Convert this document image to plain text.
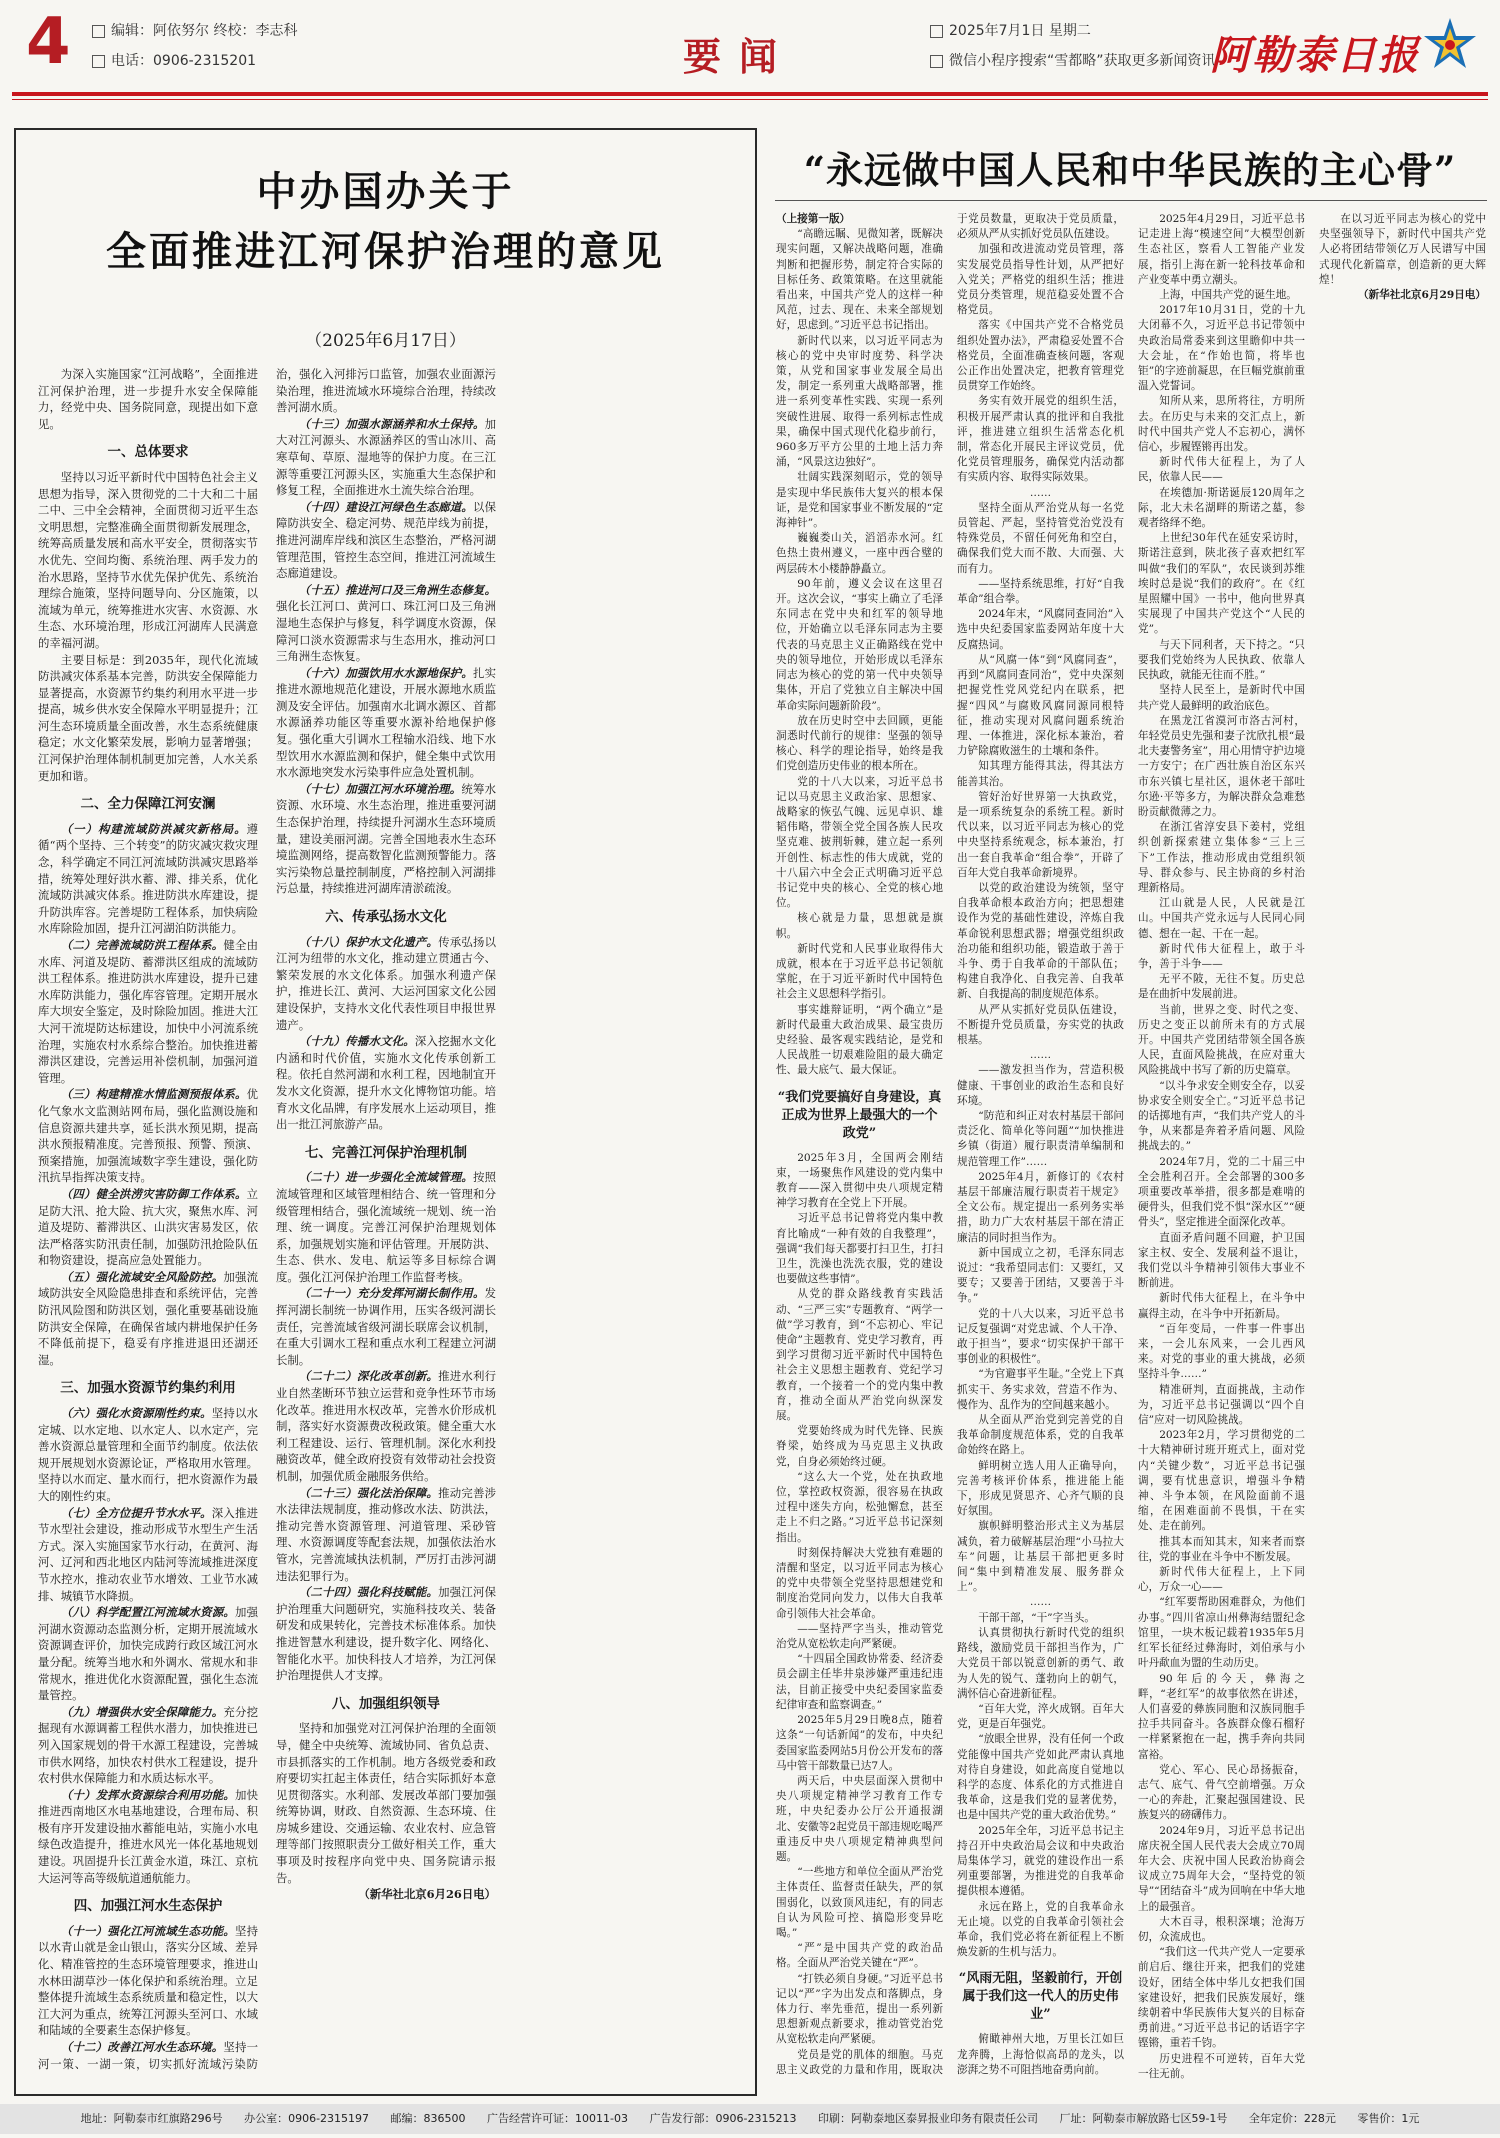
4	编辑：阿依努尔 终校：李志科
电话：0906-2315201	要闻
2025年7月1日 星期二
微信小程序搜索“雪都略”获取更多新闻资讯
阿勒泰日报
中办国办关于
全面推进江河保护治理的意见
（2025年6月17日）

为深入实施国家“江河战略”，全面推进江河保护治理，进一步提升水安全保障能力，经党中央、国务院同意，现提出如下意见。

一、总体要求

坚持以习近平新时代中国特色社会主义思想为指导，深入贯彻党的二十大和二十届二中、三中全会精神，全面贯彻习近平生态文明思想，完整准确全面贯彻新发展理念，统筹高质量发展和高水平安全，贯彻落实节水优先、空间均衡、系统治理、两手发力的治水思路，坚持节水优先保护优先、系统治理综合施策，坚持问题导向、分区施策，以流域为单元，统筹推进水灾害、水资源、水生态、水环境治理，形成江河湖库人民满意的幸福河湖。

主要目标是：到2035年，现代化流域防洪减灾体系基本完善，防洪安全保障能力显著提高，水资源节约集约利用水平进一步提高，城乡供水安全保障水平明显提升；江河生态环境质量全面改善，水生态系统健康稳定；水文化繁荣发展，影响力显著增强；江河保护治理体制机制更加完善，人水关系更加和谐。

二、全力保障江河安澜

（一）构建流域防洪减灾新格局。遵循“两个坚持、三个转变”的防灾减灾救灾理念，科学确定不同江河流域防洪减灾思路举措，统筹处理好洪水蓄、滞、排关系，优化流域防洪减灾体系。推进防洪水库建设，提升防洪库容。完善堤防工程体系，加快病险水库除险加固，提升江河湖泊防洪能力。

（二）完善流域防洪工程体系。健全由水库、河道及堤防、蓄滞洪区组成的流域防洪工程体系。推进防洪水库建设，提升已建水库防洪能力，强化库容管理。定期开展水库大坝安全鉴定，及时除险加固。推进大江大河干流堤防达标建设，加快中小河流系统治理，实施农村水系综合整治。加快推进蓄滞洪区建设，完善运用补偿机制，加强河道管理。

（三）构建精准水情监测预报体系。优化气象水文监测站网布局，强化监测设施和信息资源共建共享，延长洪水预见期，提高洪水预报精准度。完善预报、预警、预演、预案措施，加强流域数字孪生建设，强化防汛抗旱指挥决策支持。

（四）健全洪涝灾害防御工作体系。立足防大汛、抢大险、抗大灾，聚焦水库、河道及堤防、蓄滞洪区、山洪灾害易发区，依法严格落实防汛责任制，加强防汛抢险队伍和物资建设，提高应急处置能力。

（五）强化流域安全风险防控。加强流域防洪安全风险隐患排查和系统评估，完善防汛风险图和防洪区划，强化重要基础设施防洪安全保障，在确保省域内耕地保护任务不降低前提下，稳妥有序推进退田还湖还湿。

三、加强水资源节约集约利用

（六）强化水资源刚性约束。坚持以水定城、以水定地、以水定人、以水定产，完善水资源总量管理和全面节约制度。依法依规开展规划水资源论证，严格取用水管理。坚持以水而定、量水而行，把水资源作为最大的刚性约束。

（七）全方位提升节水水平。深入推进节水型社会建设，推动形成节水型生产生活方式。深入实施国家节水行动，在黄河、海河、辽河和西北地区内陆河等流域推进深度节水控水，推动农业节水增效、工业节水减排、城镇节水降损。

（八）科学配置江河流域水资源。加强河湖水资源动态监测分析，定期开展流域水资源调查评价，加快完成跨行政区域江河水量分配。统筹当地水和外调水、常规水和非常规水，推进优化水资源配置，强化生态流量管控。

（九）增强供水安全保障能力。充分挖掘现有水源调蓄工程供水潜力，加快推进已列入国家规划的骨干水源工程建设，完善城市供水网络，加快农村供水工程建设，提升农村供水保障能力和水质达标水平。

（十）发挥水资源综合利用功能。加快推进西南地区水电基地建设，合理布局、积极有序开发建设抽水蓄能电站，实施小水电绿色改造提升，推进水风光一体化基地规划建设。巩固提升长江黄金水道，珠江、京杭大运河等高等级航道通航能力。

四、加强江河水生态保护

（十一）强化江河流域生态功能。坚持以水青山就是金山银山，落实分区域、差异化、精准管控的生态环境管理要求，推进山水林田湖草沙一体化保护和系统治理。立足整体提升流域生态系统质量和稳定性，以大江大河为重点，统筹江河源头至河口、水域和陆域的全要素生态保护修复。

（十二）改善江河水生态环境。坚持一河一策、一湖一策，切实抓好流域污染防治，强化入河排污口监管，加强农业面源污染治理，推进流域水环境综合治理，持续改善河湖水质。

（十三）加强水源涵养和水土保持。加大对江河源头、水源涵养区的雪山冰川、高寒草甸、草原、湿地等的保护力度。在三江源等重要江河源头区，实施重大生态保护和修复工程，全面推进水土流失综合治理。

（十四）建设江河绿色生态廊道。以保障防洪安全、稳定河势、规范岸线为前提，推进河湖库岸线和滨区生态整治，严格河湖管理范围，管控生态空间，推进江河流域生态廊道建设。

（十五）推进河口及三角洲生态修复。强化长江河口、黄河口、珠江河口及三角洲湿地生态保护与修复，科学调度水资源，保障河口淡水资源需求与生态用水，推动河口三角洲生态恢复。

（十六）加强饮用水水源地保护。扎实推进水源地规范化建设，开展水源地水质监测及安全评估。加强南水北调水源区、首都水源涵养功能区等重要水源补给地保护修复。强化重大引调水工程输水沿线、地下水型饮用水水源监测和保护，健全集中式饮用水水源地突发水污染事件应急处置机制。

（十七）加强江河水环境治理。统筹水资源、水环境、水生态治理，推进重要河湖生态保护治理，持续提升河湖水生态环境质量，建设美丽河湖。完善全国地表水生态环境监测网络，提高数智化监测预警能力。落实污染物总量控制制度，严格控制入河湖排污总量，持续推进河湖库清淤疏浚。

六、传承弘扬水文化

（十八）保护水文化遗产。传承弘扬以江河为纽带的水文化，推动建立贯通古今、繁荣发展的水文化体系。加强水利遗产保护，推进长江、黄河、大运河国家文化公园建设保护，支持水文化代表性项目申报世界遗产。

（十九）传播水文化。深入挖掘水文化内涵和时代价值，实施水文化传承创新工程。依托自然河湖和水利工程，因地制宜开发水文化资源，提升水文化博物馆功能。培育水文化品牌，有序发展水上运动项目，推出一批江河旅游产品。

七、完善江河保护治理机制

（二十）进一步强化全流域管理。按照流域管理和区域管理相结合、统一管理和分级管理相结合，强化流域统一规划、统一治理、统一调度。完善江河保护治理规划体系，加强规划实施和评估管理。开展防洪、生态、供水、发电、航运等多目标综合调度。强化江河保护治理工作监督考核。

（二十一）充分发挥河湖长制作用。发挥河湖长制统一协调作用，压实各级河湖长责任，完善流域省级河湖长联席会议机制，在重大引调水工程和重点水利工程建立河湖长制。

（二十二）深化改革创新。推进水利行业自然垄断环节独立运营和竞争性环节市场化改革。推进用水权改革，完善水价形成机制，落实好水资源费改税政策。健全重大水利工程建设、运行、管理机制。深化水利投融资改革，健全政府投资有效带动社会投资机制，加强优质金融服务供给。

（二十三）强化法治保障。推动完善涉水法律法规制度，推动修改水法、防洪法，推动完善水资源管理、河道管理、采砂管理、水资源调度等配套法规，加强依法治水管水，完善流域执法机制，严厉打击涉河湖违法犯罪行为。

（二十四）强化科技赋能。加强江河保护治理重大问题研究，实施科技攻关、装备研发和成果转化，完善技术标准体系。加快推进智慧水利建设，提升数字化、网络化、智能化水平。加快科技人才培养，为江河保护治理提供人才支撑。

八、加强组织领导

坚持和加强党对江河保护治理的全面领导，健全中央统筹、流域协同、省负总责、市县抓落实的工作机制。地方各级党委和政府要切实扛起主体责任，结合实际抓好本意见贯彻落实。水利部、发展改革部门要加强统筹协调，财政、自然资源、生态环境、住房城乡建设、交通运输、农业农村、应急管理等部门按照职责分工做好相关工作，重大事项及时按程序向党中央、国务院请示报告。

（新华社北京6月26日电）

“永远做中国人民和中华民族的主心骨”

（上接第一版）

“高瞻远瞩、见微知著，既解决现实问题，又解决战略问题，准确判断和把握形势，制定符合实际的目标任务、政策策略。在这里就能看出来，中国共产党人的这样一种风范，过去、现在、未来全部规划好，思虑到。”习近平总书记指出。

新时代以来，以习近平同志为核心的党中央审时度势、科学决策，从党和国家事业发展全局出发，制定一系列重大战略部署，推进一系列变革性实践、实现一系列突破性进展、取得一系列标志性成果，确保中国式现代化稳步前行，960多万平方公里的土地上活力奔涌，“风景这边独好”。

壮阔实践深刻昭示，党的领导是实现中华民族伟大复兴的根本保证，是党和国家事业不断发展的“定海神针”。

巍巍娄山关，滔滔赤水河。红色热土贵州遵义，一座中西合璧的两层砖木小楼静静矗立。

90年前，遵义会议在这里召开。这次会议，“事实上确立了毛泽东同志在党中央和红军的领导地位，开始确立以毛泽东同志为主要代表的马克思主义正确路线在党中央的领导地位，开始形成以毛泽东同志为核心的党的第一代中央领导集体，开启了党独立自主解决中国革命实际问题新阶段”。

放在历史时空中去回顾，更能洞悉时代前行的规律：坚强的领导核心、科学的理论指导，始终是我们党创造历史伟业的根本所在。

党的十八大以来，习近平总书记以马克思主义政治家、思想家、战略家的恢弘气魄、远见卓识、雄韬伟略，带领全党全国各族人民攻坚克难、披荆斩棘，建立起一系列开创性、标志性的伟大成就，党的十八届六中全会正式明确习近平总书记党中央的核心、全党的核心地位。

核心就是力量，思想就是旗帜。

新时代党和人民事业取得伟大成就，根本在于习近平总书记领航掌舵，在于习近平新时代中国特色社会主义思想科学指引。

事实雄辩证明，“两个确立”是新时代最重大政治成果、最宝贵历史经验、最客观实践结论，是党和人民战胜一切艰难险阻的最大确定性、最大底气、最大保证。

“我们党要搞好自身建设，真正成为世界上最强大的一个政党”

2025年3月，全国两会刚结束，一场聚焦作风建设的党内集中教育——深入贯彻中央八项规定精神学习教育在全党上下开展。

习近平总书记曾将党内集中教育比喻成“一种有效的自我整理”，强调“我们每天都要打扫卫生，打扫卫生，洗澡也洗洗衣服，党的建设也要做这些事情”。

从党的群众路线教育实践活动、“三严三实”专题教育、“两学一做”学习教育，到“不忘初心、牢记使命”主题教育、党史学习教育，再到学习贯彻习近平新时代中国特色社会主义思想主题教育、党纪学习教育，一个接着一个的党内集中教育，推动全面从严治党向纵深发展。

党要始终成为时代先锋、民族脊梁，始终成为马克思主义执政党，自身必须始终过硬。

“这么大一个党，处在执政地位，掌控政权资源，很容易在执政过程中迷失方向，松弛懈怠，甚至走上不归之路。”习近平总书记深刻指出。

时刻保持解决大党独有难题的清醒和坚定，以习近平同志为核心的党中央带领全党坚持思想建党和制度治党同向发力，以伟大自我革命引领伟大社会革命。

——坚持严字当头，推动管党治党从宽松软走向严紧硬。

“十四届全国政协常委、经济委员会副主任毕井泉涉嫌严重违纪违法，目前正接受中央纪委国家监委纪律审查和监察调查。”

2025年5月29日晚8点，随着这条“一句话新闻”的发布，中央纪委国家监委网站5月份公开发布的落马中管干部数量已达7人。

两天后，中央层面深入贯彻中央八项规定精神学习教育工作专班，中央纪委办公厅公开通报湖北、安徽等2起党员干部违规吃喝严重违反中央八项规定精神典型问题。

“一些地方和单位全面从严治党主体责任、监督责任缺失，严的氛围弱化，以致顶风违纪，有的同志自认为风险可控、搞隐形变异吃喝。”

“严”是中国共产党的政治品格。全面从严治党关键在“严”。

“打铁必须自身硬。”习近平总书记以“严”字为出发点和落脚点，身体力行、率先垂范，提出一系列新思想新观点新要求，推动管党治党从宽松软走向严紧硬。

党员是党的肌体的细胞。马克思主义政党的力量和作用，既取决于党员数量，更取决于党员质量，必须从严从实抓好党员队伍建设。

加强和改进流动党员管理，落实发展党员指导性计划，从严把好入党关；严格党的组织生活；推进党员分类管理，规范稳妥处置不合格党员。

落实《中国共产党不合格党员组织处置办法》，严肃稳妥处置不合格党员，全面准确查核问题，客观公正作出处置决定，把教育管理党员贯穿工作始终。

务实有效开展党的组织生活，积极开展严肃认真的批评和自我批评，推进建立组织生活常态化机制，常态化开展民主评议党员，优化党员管理服务，确保党内活动都有实质内容、取得实际效果。

……

坚持全面从严治党从每一名党员管起、严起，坚持管党治党没有特殊党员，不留任何死角和空白，确保我们党大而不散、大而强、大而有力。

——坚持系统思维，打好“自我革命”组合拳。

2024年末，“风腐同查同治”入选中央纪委国家监委网站年度十大反腐热词。

从“风腐一体”到“风腐同查”，再到“风腐同查同治”，党中央深刻把握党性党风党纪内在联系，把握“四风”与腐败风腐同源同根特征，推动实现对风腐问题系统治理、一体推进，深化标本兼治，着力铲除腐败滋生的土壤和条件。

知其理方能得其法，得其法方能善其治。

管好治好世界第一大执政党，是一项系统复杂的系统工程。新时代以来，以习近平同志为核心的党中央坚持系统观念，标本兼治，打出一套自我革命“组合拳”，开辟了百年大党自我革命新境界。

以党的政治建设为统领，坚守自我革命根本政治方向；把思想建设作为党的基础性建设，淬炼自我革命锐利思想武器；增强党组织政治功能和组织功能，锻造敢于善于斗争、勇于自我革命的干部队伍；构建自我净化、自我完善、自我革新、自我提高的制度规范体系。

从严从实抓好党员队伍建设，不断提升党员质量，夯实党的执政根基。

……

——激发担当作为，营造积极健康、干事创业的政治生态和良好环境。

“防范和纠正对农村基层干部问责泛化、简单化等问题”“加快推进乡镇（街道）履行职责清单编制和规范管理工作”……

2025年4月，新修订的《农村基层干部廉洁履行职责若干规定》全文公布。规定提出一系列务实举措，助力广大农村基层干部在清正廉洁的同时担当作为。

新中国成立之初，毛泽东同志说过：“我希望同志们：又要红，又要专；又要善于团结，又要善于斗争。”

党的十八大以来，习近平总书记反复强调“对党忠诚、个人干净、敢于担当”，要求“切实保护干部干事创业的积极性”。

“为官避事平生耻。”全党上下真抓实干、务实求效，营造不作为、慢作为、乱作为的空间越来越小。

从全面从严治党到完善党的自我革命制度规范体系，党的自我革命始终在路上。

鲜明树立选人用人正确导向，完善考核评价体系，推进能上能下，形成见贤思齐、心齐气顺的良好氛围。

旗帜鲜明整治形式主义为基层减负，着力破解基层治理“小马拉大车”问题，让基层干部把更多时间“集中到精准发展、服务群众上”。

……

干部干部，“干”字当头。

认真贯彻执行新时代党的组织路线，激励党员干部担当作为，广大党员干部以锐意创新的勇气、敢为人先的锐气、蓬勃向上的朝气，满怀信心奋进新征程。

“百年大党，淬火成钢。百年大党，更是百年强党。

“放眼全世界，没有任何一个政党能像中国共产党如此严肃认真地对待自身建设，如此高度自觉地以科学的态度、体系化的方式推进自我革命，这是我们党的显著优势，也是中国共产党的重大政治优势。”

2025年全年，习近平总书记主持召开中央政治局会议和中央政治局集体学习，就党的建设作出一系列重要部署，为推进党的自我革命提供根本遵循。

永远在路上，党的自我革命永无止境。以党的自我革命引领社会革命，我们党必将在新征程上不断焕发新的生机与活力。

“风雨无阻，坚毅前行，开创属于我们这一代人的历史伟业”

俯瞰神州大地，万里长江如巨龙奔腾，上海恰似高昂的龙头，以澎湃之势不可阻挡地奋勇向前。

2025年4月29日，习近平总书记走进上海“模速空间”大模型创新生态社区，察看人工智能产业发展，指引上海在新一轮科技革命和产业变革中勇立潮头。

上海，中国共产党的诞生地。

2017年10月31日，党的十九大闭幕不久，习近平总书记带领中央政治局常委来到这里瞻仰中共一大会址，在“作始也简，将毕也钜”的字迹前凝思，在巨幅党旗前重温入党誓词。

知所从来，思所将往，方明所去。在历史与未来的交汇点上，新时代中国共产党人不忘初心，满怀信心，步履铿锵再出发。

新时代伟大征程上，为了人民，依靠人民——

在埃德加·斯诺诞辰120周年之际，北大未名湖畔的斯诺之墓，参观者络绎不绝。

上世纪30年代在延安采访时，斯诺注意到，陕北孩子喜欢把红军叫做“我们的军队”，农民谈到苏维埃时总是说“我们的政府”。在《红星照耀中国》一书中，他向世界真实展现了中国共产党这个“人民的党”。

与天下同利者，天下持之。“只要我们党始终为人民执政、依靠人民执政，就能无往而不胜。”

坚持人民至上，是新时代中国共产党人最鲜明的政治底色。

在黑龙江省漠河市洛古河村，年轻党员史先强和妻子沈欣扎根“最北夫妻警务室”，用心用情守护边境一方安宁；在广西壮族自治区东兴市东兴镇七星社区，退休老干部吐尔逊·平等多方，为解决群众急难愁盼贡献微薄之力。

在浙江省淳安县下姜村，党组织创新探索建立集体参“三上三下”工作法，推动形成由党组织领导、群众参与、民主协商的乡村治理新格局。

江山就是人民，人民就是江山。中国共产党永远与人民同心同德、想在一起、干在一起。

新时代伟大征程上，敢于斗争，善于斗争——

无平不陂，无往不复。历史总是在曲折中发展前进。

当前，世界之变、时代之变、历史之变正以前所未有的方式展开。中国共产党团结带领全国各族人民，直面风险挑战，在应对重大风险挑战中书写了新的历史篇章。

“以斗争求安全则安全存，以妥协求安全则安全亡。”习近平总书记的话掷地有声，“我们共产党人的斗争，从来都是奔着矛盾问题、风险挑战去的。”

2024年7月，党的二十届三中全会胜利召开。全会部署的300多项重要改革举措，很多都是难啃的硬骨头，但我们党不惧“深水区”“硬骨头”，坚定推进全面深化改革。

直面矛盾问题不回避，护卫国家主权、安全、发展利益不退让，我们党以斗争精神引领伟大事业不断前进。

新时代伟大征程上，在斗争中赢得主动，在斗争中开拓新局。

“百年变局，一件事一件事出来，一会儿东风来，一会儿西风来。对党的事业的重大挑战，必须坚持斗争……”

精准研判，直面挑战，主动作为，习近平总书记强调以“四个自信”应对一切风险挑战。

2023年2月，学习贯彻党的二十大精神研讨班开班式上，面对党内“关键少数”，习近平总书记强调，要有忧患意识，增强斗争精神、斗争本领，在风险面前不退缩，在困难面前不畏惧，干在实处、走在前列。

推其本而知其末，知来者而察往，党的事业在斗争中不断发展。

新时代伟大征程上，上下同心，万众一心——

“红军要帮助困难群众，为他们办事。”四川省凉山州彝海结盟纪念馆里，一块木板记载着1935年5月红军长征经过彝海时，刘伯承与小叶丹歃血为盟的生动历史。

90年后的今天，彝海之畔，“老红军”的故事依然在讲述，人们喜爱的彝族同胞和汉族同胞手拉手共同奋斗。各族群众像石榴籽一样紧紧抱在一起，携手奔向共同富裕。

党心、军心、民心昂扬振奋，志气、底气、骨气空前增强。万众一心的奔赴，汇聚起强国建设、民族复兴的磅礴伟力。

2024年9月，习近平总书记出席庆祝全国人民代表大会成立70周年大会、庆祝中国人民政治协商会议成立75周年大会，“坚持党的领导”“团结奋斗”成为回响在中华大地上的最强音。

大木百寻，根积深壤；沧海万仞，众流成也。

“我们这一代共产党人一定要承前启后、继往开来，把我们的党建设好，团结全体中华儿女把我们国家建设好，把我们民族发展好，继续朝着中华民族伟大复兴的目标奋勇前进。”习近平总书记的话语字字铿锵，重若千钧。

历史进程不可逆转，百年大党一往无前。

在以习近平同志为核心的党中央坚强领导下，新时代中国共产党人必将团结带领亿万人民谱写中国式现代化新篇章，创造新的更大辉煌！

（新华社北京6月29日电）

地址：阿勒泰市红旗路296号 办公室：0906-2315197 邮编：836500 广告经营许可证：10011-03 广告发行部：0906-2315213 印刷：阿勒泰地区泰昇报业印务有限责任公司 厂址：阿勒泰市解放路七区59-1号 全年定价：228元 零售价：1元
